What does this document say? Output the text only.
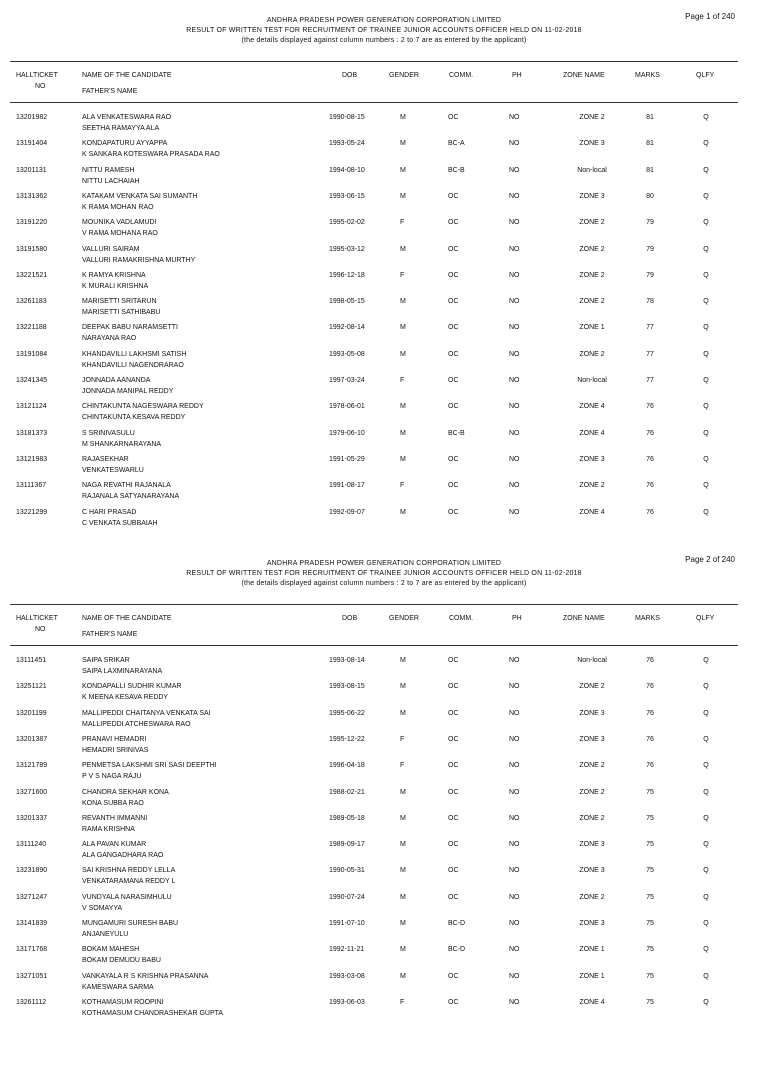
Page 1 of 240
ANDHRA PRADESH POWER GENERATION CORPORATION LIMITED
RESULT OF WRITTEN TEST FOR RECRUITMENT OF TRAINEE JUNIOR ACCOUNTS OFFICER HELD ON 11-02-2018
(the details displayed against column numbers : 2 to 7 are as entered by the applicant)
HALLTICKET
NO
NAME OF THE CANDIDATE
FATHER'S NAME
DOB	GENDER	COMM.	PH	ZONE NAME	MARKS	QLFY
13201982	1990-08-15	M	OC	NO	ZONE 2	81	Q
ALA VENKATESWARA RAO
SEETHA RAMAYYA ALA
13191404	1993-05-24	M	BC-A	NO	ZONE 3	81	Q
KONDAPATURU AYYAPPA
K SANKARA KOTESWARA PRASADA RAO
13201131	1994-08-10	M	BC-B	NO	Non-local	81	Q
NITTU RAMESH
NITTU LACHAIAH
13131362	1993-06-15	M	OC	NO	ZONE 3	80	Q
KATAKAM VENKATA SAI SUMANTH
K RAMA MOHAN RAO
13191220	1995-02-02	F	OC	NO	ZONE 2	79	Q
MOUNIKA VADLAMUDI
V RAMA MOHANA RAO
13191580	1995-03-12	M	OC	NO	ZONE 2	79	Q
VALLURI SAIRAM
VALLURI RAMAKRISHNA MURTHY
13221521	1996-12-18	F	OC	NO	ZONE 2	79	Q
K RAMYA KRISHNA
K MURALI KRISHNA
13261183	1998-05-15	M	OC	NO	ZONE 2	78	Q
MARISETTI SRITARUN
MARISETTI SATHIBABU
13221188	1992-08-14	M	OC	NO	ZONE 1	77	Q
DEEPAK BABU NARAMSETTI
NARAYANA RAO
13191084	1993-05-08	M	OC	NO	ZONE 2	77	Q
KHANDAVILLI LAKHSMI SATISH
KHANDAVILLI NAGENDRARAO
13241345	1997-03-24	F	OC	NO	Non-local	77	Q
JONNADA AANANDA
JONNADA MANIPAL REDDY
13121124	1978-06-01	M	OC	NO	ZONE 4	76	Q
CHINTAKUNTA NAGESWARA REDDY
CHINTAKUNTA KESAVA REDDY
13181373	1979-06-10	M	BC-B	NO	ZONE 4	76	Q
S SRINIVASULU
M SHANKARNARAYANA
13121983	1991-05-29	M	OC	NO	ZONE 3	76	Q
RAJASEKHAR
VENKATESWARLU
13111367	1991-08-17	F	OC	NO	ZONE 2	76	Q
NAGA REVATHI RAJANALA
RAJANALA SATYANARAYANA
13221299	1992-09-07	M	OC	NO	ZONE 4	76	Q
C HARI PRASAD
C VENKATA SUBBAIAH
Page 2 of 240
ANDHRA PRADESH POWER GENERATION CORPORATION LIMITED
RESULT OF WRITTEN TEST FOR RECRUITMENT OF TRAINEE JUNIOR ACCOUNTS OFFICER HELD ON 11-02-2018
(the details displayed against column numbers : 2 to 7 are as entered by the applicant)
HALLTICKET
NO
NAME OF THE CANDIDATE
FATHER'S NAME
DOB	GENDER	COMM.	PH	ZONE NAME	MARKS	QLFY
13111451	1993-08-14	M	OC	NO	Non-local	76	Q
SAIPA SRIKAR
SAIPA LAXMINARAYANA
13251121	1993-08-15	M	OC	NO	ZONE 2	76	Q
KONDAPALLI SUDHIR KUMAR
K MEENA KESAVA REDDY
13201199	1995-06-22	M	OC	NO	ZONE 3	76	Q
MALLIPEDDI CHAITANYA VENKATA SAI
MALLIPEDDI ATCHESWARA RAO
13201387	1995-12-22	F	OC	NO	ZONE 3	76	Q
PRANAVI HEMADRI
HEMADRI SRINIVAS
13121789	1996-04-18	F	OC	NO	ZONE 2	76	Q
PENMETSA LAKSHMI SRI SASI DEEPTHI
P V S NAGA RAJU
13271600	1988-02-21	M	OC	NO	ZONE 2	75	Q
CHANDRA SEKHAR KONA
KONA SUBBA RAO
13201337	1989-05-18	M	OC	NO	ZONE 2	75	Q
REVANTH IMMANNI
RAMA KRISHNA
13111240	1989-09-17	M	OC	NO	ZONE 3	75	Q
ALA PAVAN KUMAR
ALA GANGADHARA RAO
13231890	1990-05-31	M	OC	NO	ZONE 3	75	Q
SAI KRISHNA REDDY LELLA
VENKATARAMANA REDDY L
13271247	1990-07-24	M	OC	NO	ZONE 2	75	Q
VUNDYALA NARASIMHULU
V SOMAYYA
13141839	1991-07-10	M	BC-D	NO	ZONE 3	75	Q
MUNGAMURI SURESH BABU
ANJANEYULU
13171768	1992-11-21	M	BC-D	NO	ZONE 1	75	Q
BOKAM MAHESH
BOKAM DEMUDU BABU
13271051	1993-03-08	M	OC	NO	ZONE 1	75	Q
VANKAYALA R S KRISHNA PRASANNA
KAMESWARA SARMA
13261112	1993-06-03	F	OC	NO	ZONE 4	75	Q
KOTHAMASUM ROOPINI
KOTHAMASUM CHANDRASHEKAR GUPTA
